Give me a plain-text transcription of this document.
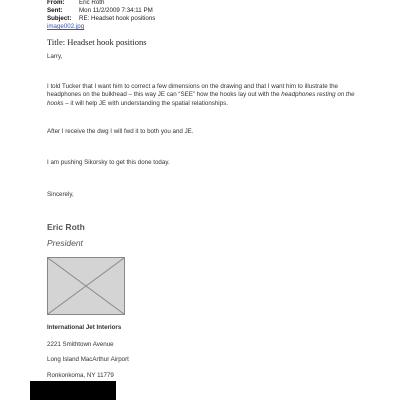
From:	Eric Roth
Sent:	Mon 11/2/2009 7:34:11 PM
Subject:	RE: Headset hook positions
image002.jpg
Title: Headset hook positions
Larry,
I told Tucker that I want him to correct a few dimensions on the drawing and that I want him to illustrate the headphones on the bulkhead – this way JE can “SEE” how the hooks lay out with the headphones resting on the hooks – it will help JE with understanding the spatial relationships.
After I receive the dwg I will fwd it to both you and JE.
I am pushing Sikorsky to get this done today.
Sincerely,
Eric Roth
President
International Jet Interiors
2221 Smithtown Avenue
Long Island MacArthur Airport
Ronkonkoma, NY 11779
